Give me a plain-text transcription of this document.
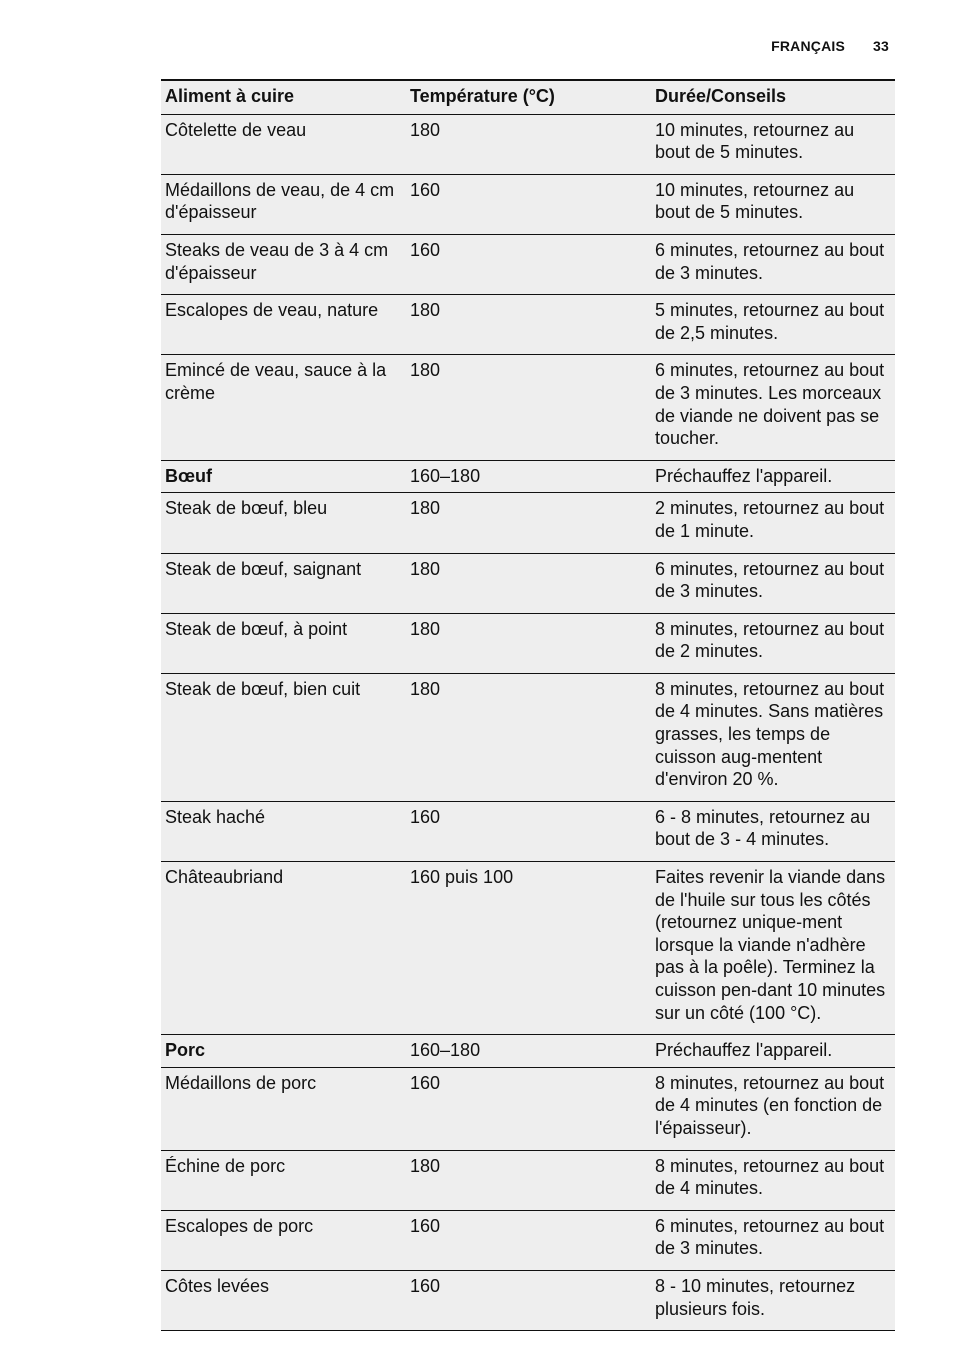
FRANÇAIS 33
Aliment à cuire	Température (°C)	Durée/Conseils
Côtelette de veau	180	10 minutes, retournez au bout de 5 minutes.
Médaillons de veau, de 4 cm d'épaisseur	160	10 minutes, retournez au bout de 5 minutes.
Steaks de veau de 3 à 4 cm d'épaisseur	160	6 minutes, retournez au bout de 3 minutes.
Escalopes de veau, nature	180	5 minutes, retournez au bout de 2,5 minutes.
Emincé de veau, sauce à la crème	180	6 minutes, retournez au bout de 3 minutes. Les morceaux de viande ne doivent pas se toucher.
Bœuf	160–180	Préchauffez l'appareil.
Steak de bœuf, bleu	180	2 minutes, retournez au bout de 1 minute.
Steak de bœuf, saignant	180	6 minutes, retournez au bout de 3 minutes.
Steak de bœuf, à point	180	8 minutes, retournez au bout de 2 minutes.
Steak de bœuf, bien cuit	180	8 minutes, retournez au bout de 4 minutes. Sans matières grasses, les temps de cuisson aug-mentent d'environ 20 %.
Steak haché	160	6 - 8 minutes, retournez au bout de 3 - 4 minutes.
Châteaubriand	160 puis 100	Faites revenir la viande dans de l'huile sur tous les côtés (retournez unique-ment lorsque la viande n'adhère pas à la poêle). Terminez la cuisson pen-dant 10 minutes sur un côté (100 °C).
Porc	160–180	Préchauffez l'appareil.
Médaillons de porc	160	8 minutes, retournez au bout de 4 minutes (en fonction de l'épaisseur).
Échine de porc	180	8 minutes, retournez au bout de 4 minutes.
Escalopes de porc	160	6 minutes, retournez au bout de 3 minutes.
Côtes levées	160	8 - 10 minutes, retournez plusieurs fois.
